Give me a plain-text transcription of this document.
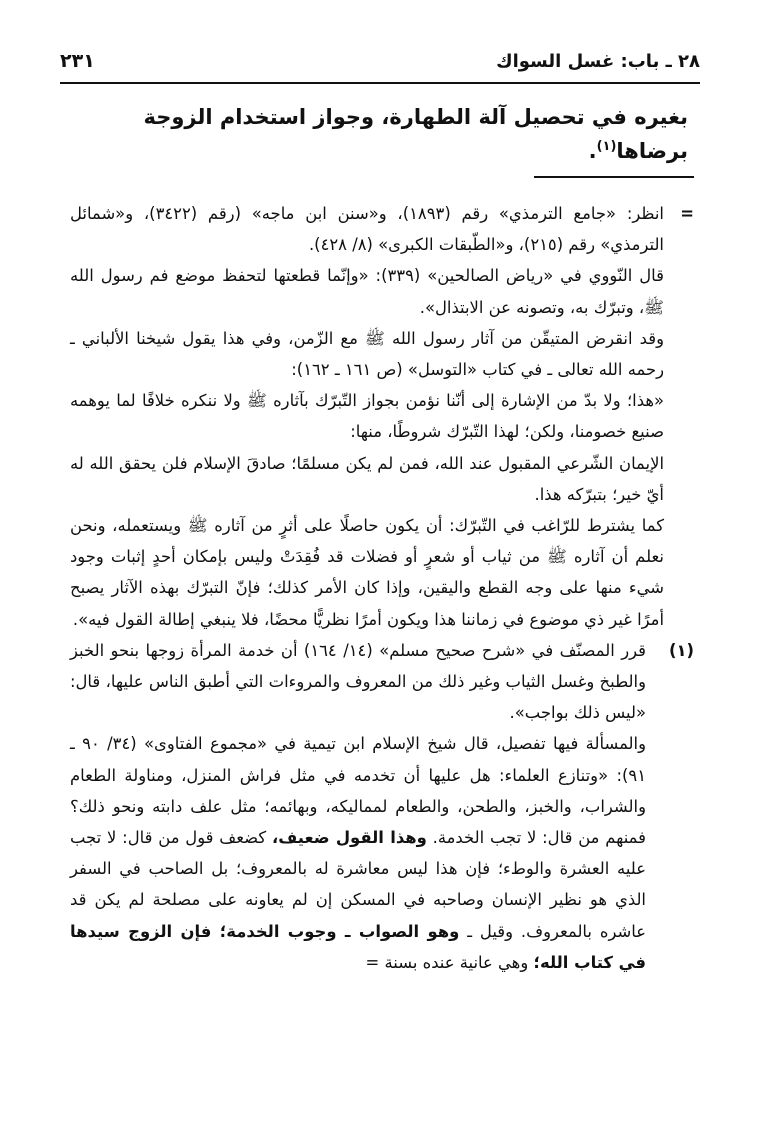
٢٨ ـ باب: غسل السواك
٢٣١
بغيره في تحصيل آلة الطهارة، وجواز استخدام الزوجة برضاها$^{(١)}$.
=

انظر: «جامع الترمذي» رقم (١٨٩٣)، و«سنن ابن ماجه» (رقم (٣٤٢٢)، و«شمائل الترمذي» رقم (٢١٥)، و«الطّبقات الكبرى» (٨/ ٤٢٨).

قال النّووي في «رياض الصالحين» (٣٣٩): «وإنّما قطعتها لتحفظ موضع فم رسول الله ﷺ، وتبرّك به، وتصونه عن الابتذال».

وقد انقرض المتيقّن من آثار رسول الله ﷺ مع الزّمن، وفي هذا يقول شيخنا الألباني ـ رحمه الله تعالى ـ في كتاب «التوسل» (ص ١٦١ ـ ١٦٢):

«هذا؛ ولا بدّ من الإشارة إلى أنّنا نؤمن بجواز التّبرّك بآثاره ﷺ ولا ننكره خلافًا لما يوهمه صنيع خصومنا، ولكن؛ لهذا التّبرّك شروطًا، منها:

الإيمان الشّرعي المقبول عند الله، فمن لم يكن مسلمًا؛ صادقَ الإسلام فلن يحقق الله له أيّ خير؛ بتبرّكه هذا.

كما يشترط للرّاغب في التّبرّك: أن يكون حاصلًا على أثرٍ من آثاره ﷺ ويستعمله، ونحن نعلم أن آثاره ﷺ من ثياب أو شعرٍ أو فضلات قد فُقِدَتْ وليس بإمكان أحدٍ إثبات وجود شيء منها على وجه القطع واليقين، وإذا كان الأمر كذلك؛ فإنّ التبرّك بهذه الآثار يصبح أمرًا غير ذي موضوع في زماننا هذا ويكون أمرًا نظريًّا محضًا، فلا ينبغي إطالة القول فيه».

(١)

قرر المصنّف في «شرح صحيح مسلم» (١٤/ ١٦٤) أن خدمة المرأة زوجها بنحو الخبز والطبخ وغسل الثياب وغير ذلك من المعروف والمروءات التي أطبق الناس عليها، قال: «ليس ذلك بواجب».

والمسألة فيها تفصيل، قال شيخ الإسلام ابن تيمية في «مجموع الفتاوى» (٣٤/ ٩٠ ـ ٩١): «وتنازع العلماء: هل عليها أن تخدمه في مثل فراش المنزل، ومناولة الطعام والشراب، والخبز، والطحن، والطعام لمماليكه، وبهائمه؛ مثل علف دابته ونحو ذلك؟ فمنهم من قال: لا تجب الخدمة. وهذا القول ضعيف، كضعف قول من قال: لا تجب عليه العشرة والوطء؛ فإن هذا ليس معاشرة له بالمعروف؛ بل الصاحب في السفر الذي هو نظير الإنسان وصاحبه في المسكن إن لم يعاونه على مصلحة لم يكن قد عاشره بالمعروف. وقيل ـ وهو الصواب ـ وجوب الخدمة؛ فإن الزوج سيدها في كتاب الله؛ وهي عانية عنده بسنة =
